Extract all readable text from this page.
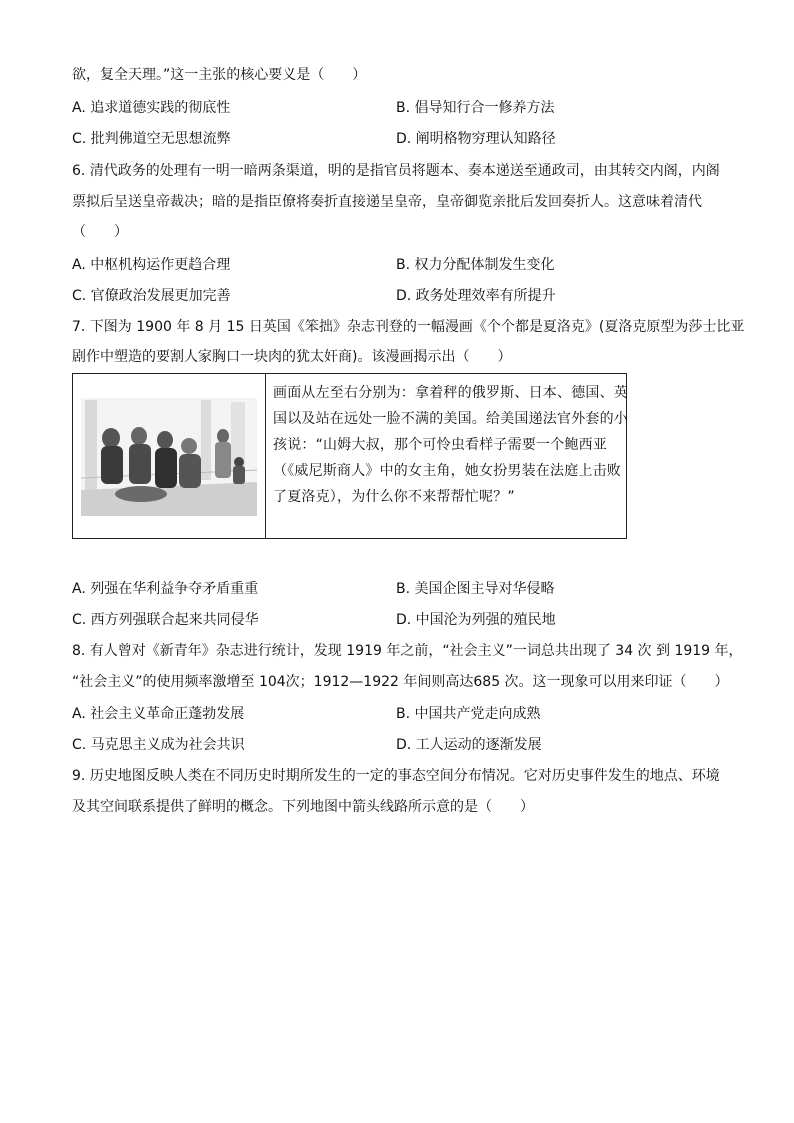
欲，复全天理。”这一主张的核心要义是（　　）
A. 追求道德实践的彻底性	B. 倡导知行合一修养方法
C. 批判佛道空无思想流弊	D. 阐明格物穷理认知路径
6. 清代政务的处理有一明一暗两条渠道，明的是指官员将题本、奏本递送至通政司，由其转交内阁，内阁
票拟后呈送皇帝裁决；暗的是指臣僚将奏折直接递呈皇帝，皇帝御览亲批后发回奏折人。这意味着清代
（　　）
A. 中枢机构运作更趋合理	B. 权力分配体制发生变化
C. 官僚政治发展更加完善	D. 政务处理效率有所提升
7. 下图为 1900 年 8 月 15 日英国《笨拙》杂志刊登的一幅漫画《个个都是夏洛克》(夏洛克原型为莎士比亚
剧作中塑造的要割人家胸口一块肉的犹太奸商)。该漫画揭示出（　　）
画面从左至右分别为：拿着秤的俄罗斯、日本、德国、英
国以及站在远处一脸不满的美国。给美国递法官外套的小
孩说：“山姆大叔，那个可怜虫看样子需要一个鲍西亚
（《威尼斯商人》中的女主角，她女扮男装在法庭上击败
了夏洛克），为什么你不来帮帮忙呢？”
A. 列强在华利益争夺矛盾重重	B. 美国企图主导对华侵略
C. 西方列强联合起来共同侵华	D. 中国沦为列强的殖民地
8. 有人曾对《新青年》杂志进行统计，发现 1919 年之前，“社会主义”一词总共出现了 34 次 到 1919 年，
“社会主义”的使用频率激增至 104次；1912—1922 年间则高达685 次。这一现象可以用来印证（　　）
A. 社会主义革命正蓬勃发展	B. 中国共产党走向成熟
C. 马克思主义成为社会共识	D. 工人运动的逐渐发展
9. 历史地图反映人类在不同历史时期所发生的一定的事态空间分布情况。它对历史事件发生的地点、环境
及其空间联系提供了鲜明的概念。下列地图中箭头线路所示意的是（　　）
